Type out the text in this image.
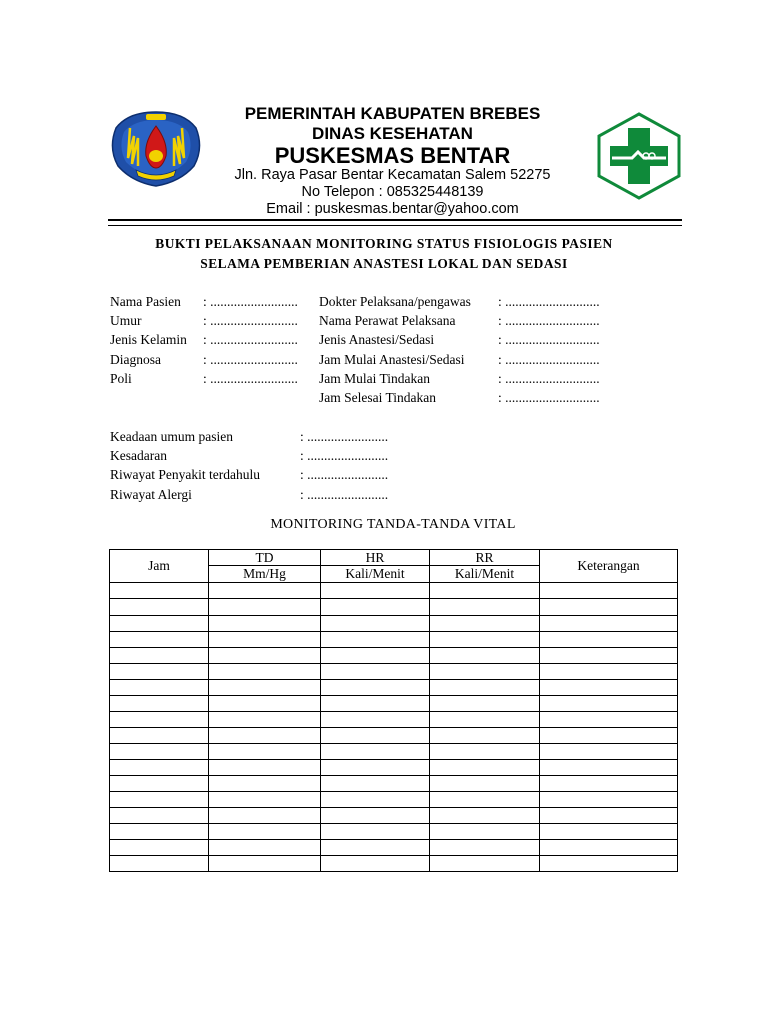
PEMERINTAH KABUPATEN BREBES
DINAS KESEHATAN
PUSKESMAS BENTAR
Jln. Raya Pasar Bentar Kecamatan Salem 52275
No Telepon : 085325448139
Email : puskesmas.bentar@yahoo.com
BUKTI PELAKSANAAN MONITORING STATUS FISIOLOGIS PASIEN
SELAMA PEMBERIAN ANASTESI LOKAL DAN SEDASI
Nama Pasien : ..........................
Umur	: ..........................
Jenis Kelamin : ..........................
Diagnosa	: ..........................
Poli	: ..........................
Dokter Pelaksana/pengawas : ............................
Nama Perawat Pelaksana	: ............................
Jenis Anastesi/Sedasi	: ............................
Jam Mulai Anastesi/Sedasi : ............................
Jam Mulai Tindakan	: ............................
Jam Selesai Tindakan	: ............................
Keadaan umum pasien	: ........................
Kesadaran	: ........................
Riwayat Penyakit terdahulu	: ........................
Riwayat Alergi	: ........................
MONITORING TANDA-TANDA VITAL
Jam	TD	HR	RR	Keterangan
	Mm/Hg	Kali/Menit	Kali/Menit	
